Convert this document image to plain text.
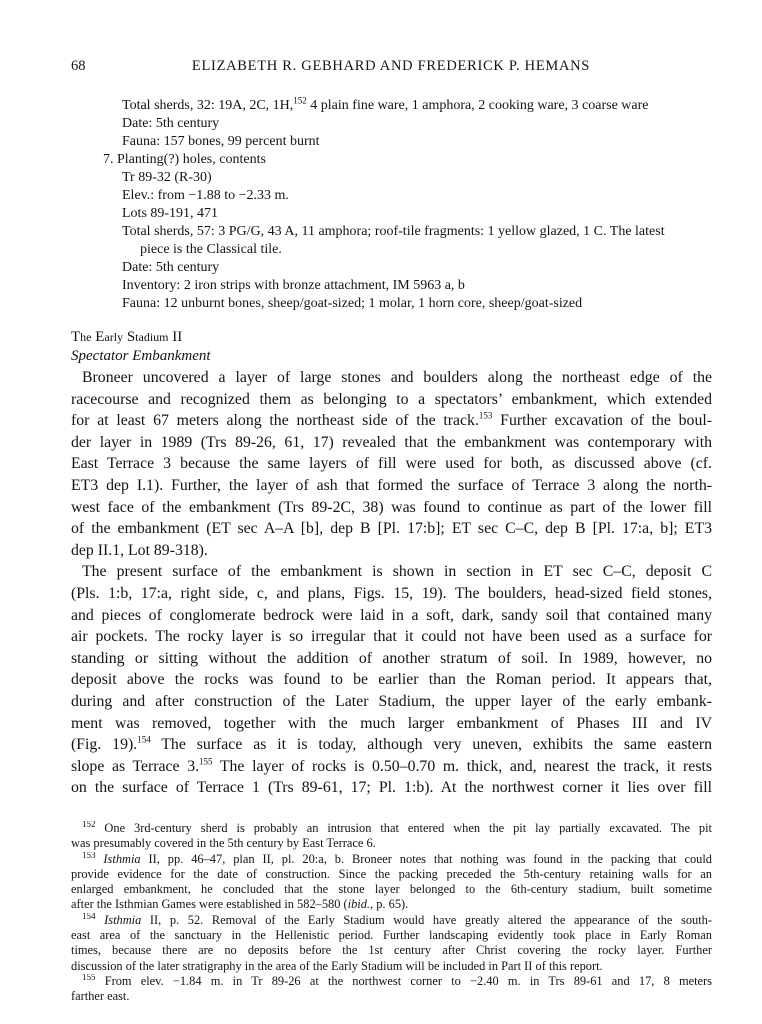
68	ELIZABETH R. GEBHARD AND FREDERICK P. HEMANS
Total sherds, 32: 19A, 2C, 1H,$^{152}$ 4 plain fine ware, 1 amphora, 2 cooking ware, 3 coarse ware
Date: 5th century
Fauna: 157 bones, 99 percent burnt
7. Planting(?) holes, contents
Tr 89-32 (R-30)
Elev.: from −1.88 to −2.33 m.
Lots 89-191, 471
Total sherds, 57: 3 PG/G, 43 A, 11 amphora; roof-tile fragments: 1 yellow glazed, 1 C. The latest
piece is the Classical tile.
Date: 5th century
Inventory: 2 iron strips with bronze attachment, IM 5963 a, b
Fauna: 12 unburnt bones, sheep/goat-sized; 1 molar, 1 horn core, sheep/goat-sized
The Early Stadium II
Spectator Embankment
Broneer uncovered a layer of large stones and boulders along the northeast edge of the
racecourse and recognized them as belonging to a spectators’ embankment, which extended
for at least 67 meters along the northeast side of the track.$^{153}$ Further excavation of the boul-
der layer in 1989 (Trs 89-26, 61, 17) revealed that the embankment was contemporary with
East Terrace 3 because the same layers of fill were used for both, as discussed above (cf.
ET3 dep I.1). Further, the layer of ash that formed the surface of Terrace 3 along the north-
west face of the embankment (Trs 89-2C, 38) was found to continue as part of the lower fill
of the embankment (ET sec A–A [b], dep B [Pl. 17:b]; ET sec C–C, dep B [Pl. 17:a, b]; ET3
dep II.1, Lot 89-318).
The present surface of the embankment is shown in section in ET sec C–C, deposit C
(Pls. 1:b, 17:a, right side, c, and plans, Figs. 15, 19). The boulders, head-sized field stones,
and pieces of conglomerate bedrock were laid in a soft, dark, sandy soil that contained many
air pockets. The rocky layer is so irregular that it could not have been used as a surface for
standing or sitting without the addition of another stratum of soil. In 1989, however, no
deposit above the rocks was found to be earlier than the Roman period. It appears that,
during and after construction of the Later Stadium, the upper layer of the early embank-
ment was removed, together with the much larger embankment of Phases III and IV
(Fig. 19).$^{154}$ The surface as it is today, although very uneven, exhibits the same eastern
slope as Terrace 3.$^{155}$ The layer of rocks is 0.50–0.70 m. thick, and, nearest the track, it rests
on the surface of Terrace 1 (Trs 89-61, 17; Pl. 1:b). At the northwest corner it lies over fill
$^{152}$ One 3rd-century sherd is probably an intrusion that entered when the pit lay partially excavated. The pit
was presumably covered in the 5th century by East Terrace 6.
$^{153}$ Isthmia II, pp. 46–47, plan II, pl. 20:a, b. Broneer notes that nothing was found in the packing that could
provide evidence for the date of construction. Since the packing preceded the 5th-century retaining walls for an
enlarged embankment, he concluded that the stone layer belonged to the 6th-century stadium, built sometime
after the Isthmian Games were established in 582–580 (ibid., p. 65).
$^{154}$ Isthmia II, p. 52. Removal of the Early Stadium would have greatly altered the appearance of the south-
east area of the sanctuary in the Hellenistic period. Further landscaping evidently took place in Early Roman
times, because there are no deposits before the 1st century after Christ covering the rocky layer. Further
discussion of the later stratigraphy in the area of the Early Stadium will be included in Part II of this report.
$^{155}$ From elev. −1.84 m. in Tr 89-26 at the northwest corner to −2.40 m. in Trs 89-61 and 17, 8 meters
farther east.
